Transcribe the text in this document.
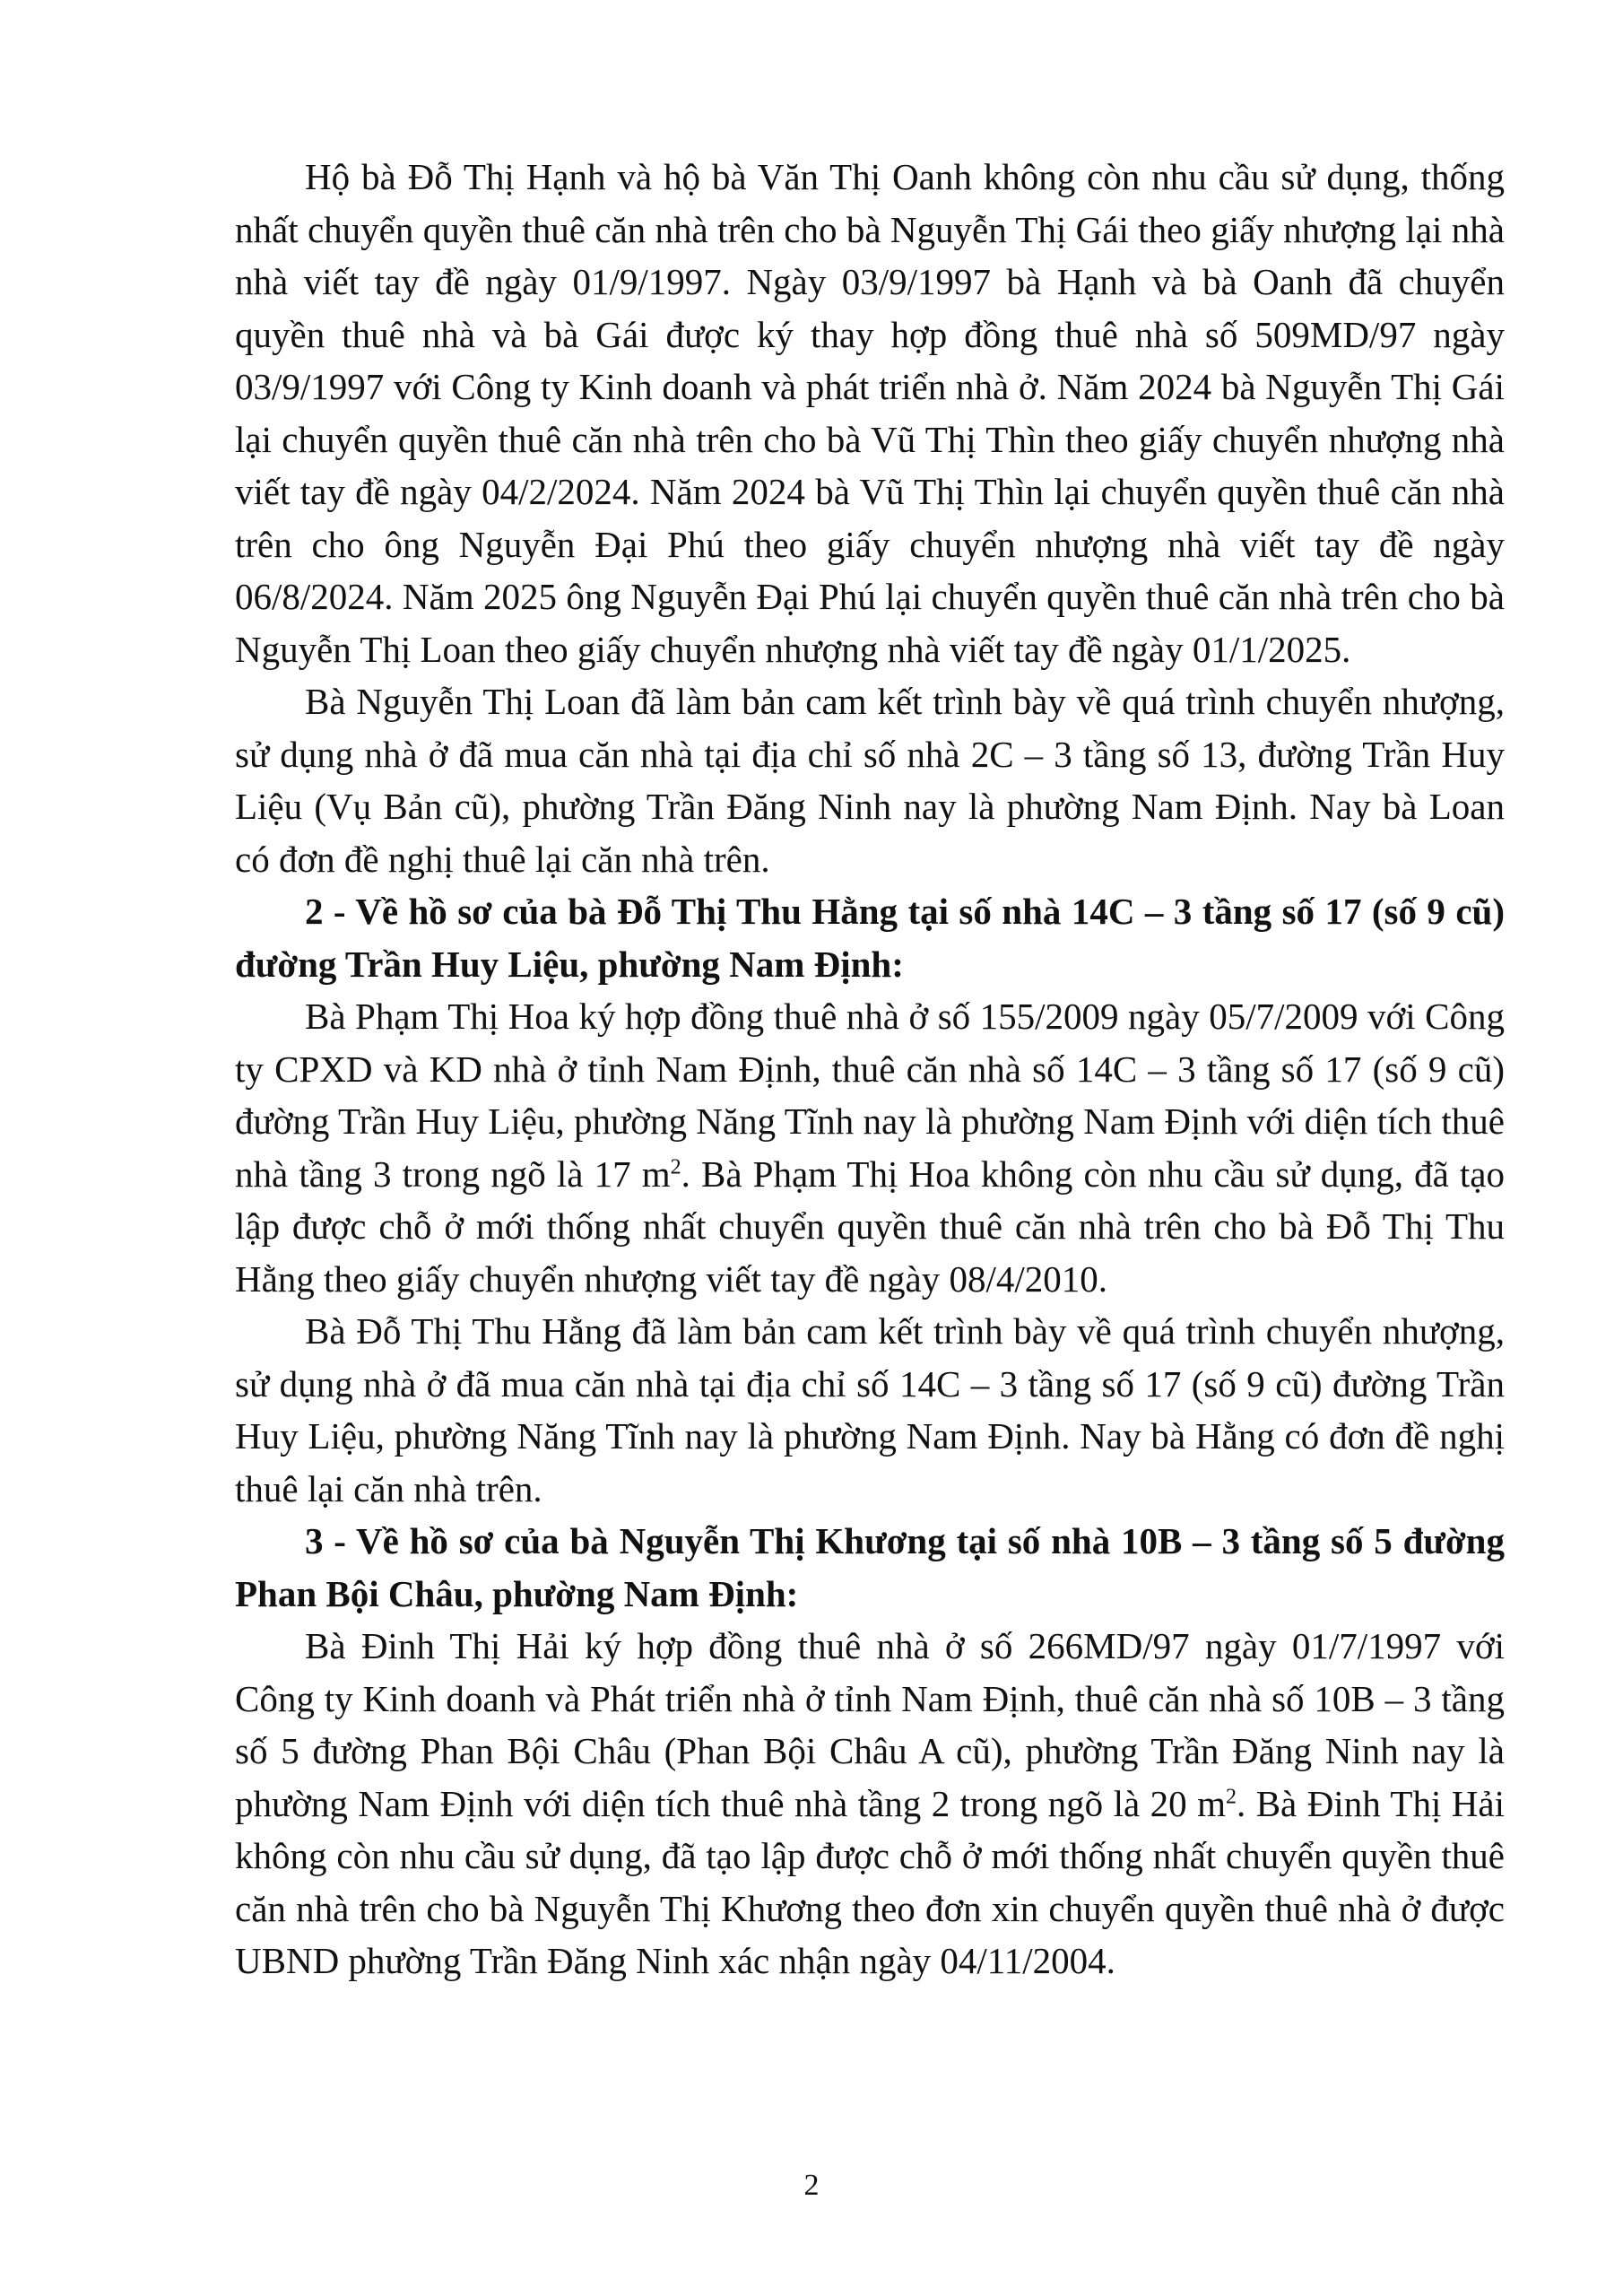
Hộ bà Đỗ Thị Hạnh và hộ bà Văn Thị Oanh không còn nhu cầu sử dụng, thống nhất chuyển quyền thuê căn nhà trên cho bà Nguyễn Thị Gái theo giấy nhượng lại nhà nhà viết tay đề ngày 01/9/1997. Ngày 03/9/1997 bà Hạnh và bà Oanh đã chuyển quyền thuê nhà và bà Gái được ký thay hợp đồng thuê nhà số 509MD/97 ngày 03/9/1997 với Công ty Kinh doanh và phát triển nhà ở. Năm 2024 bà Nguyễn Thị Gái lại chuyển quyền thuê căn nhà trên cho bà Vũ Thị Thìn theo giấy chuyển nhượng nhà viết tay đề ngày 04/2/2024. Năm 2024 bà Vũ Thị Thìn lại chuyển quyền thuê căn nhà trên cho ông Nguyễn Đại Phú theo giấy chuyển nhượng nhà viết tay đề ngày 06/8/2024. Năm 2025 ông Nguyễn Đại Phú lại chuyển quyền thuê căn nhà trên cho bà Nguyễn Thị Loan theo giấy chuyển nhượng nhà viết tay đề ngày 01/1/2025.

Bà Nguyễn Thị Loan đã làm bản cam kết trình bày về quá trình chuyển nhượng, sử dụng nhà ở đã mua căn nhà tại địa chỉ số nhà 2C – 3 tầng số 13, đường Trần Huy Liệu (Vụ Bản cũ), phường Trần Đăng Ninh nay là phường Nam Định. Nay bà Loan có đơn đề nghị thuê lại căn nhà trên.

2 - Về hồ sơ của bà Đỗ Thị Thu Hằng tại số nhà 14C – 3 tầng số 17 (số 9 cũ) đường Trần Huy Liệu, phường Nam Định:

Bà Phạm Thị Hoa ký hợp đồng thuê nhà ở số 155/2009 ngày 05/7/2009 với Công ty CPXD và KD nhà ở tỉnh Nam Định, thuê căn nhà số 14C – 3 tầng số 17 (số 9 cũ) đường Trần Huy Liệu, phường Năng Tĩnh nay là phường Nam Định với diện tích thuê nhà tầng 3 trong ngõ là 17 $m^2$. Bà Phạm Thị Hoa không còn nhu cầu sử dụng, đã tạo lập được chỗ ở mới thống nhất chuyển quyền thuê căn nhà trên cho bà Đỗ Thị Thu Hằng theo giấy chuyển nhượng viết tay đề ngày 08/4/2010.

Bà Đỗ Thị Thu Hằng đã làm bản cam kết trình bày về quá trình chuyển nhượng, sử dụng nhà ở đã mua căn nhà tại địa chỉ số 14C – 3 tầng số 17 (số 9 cũ) đường Trần Huy Liệu, phường Năng Tĩnh nay là phường Nam Định. Nay bà Hằng có đơn đề nghị thuê lại căn nhà trên.

3 - Về hồ sơ của bà Nguyễn Thị Khương tại số nhà 10B – 3 tầng số 5 đường Phan Bội Châu, phường Nam Định:

Bà Đinh Thị Hải ký hợp đồng thuê nhà ở số 266MD/97 ngày 01/7/1997 với Công ty Kinh doanh và Phát triển nhà ở tỉnh Nam Định, thuê căn nhà số 10B – 3 tầng số 5 đường Phan Bội Châu (Phan Bội Châu A cũ), phường Trần Đăng Ninh nay là phường Nam Định với diện tích thuê nhà tầng 2 trong ngõ là 20 $m^2$. Bà Đinh Thị Hải không còn nhu cầu sử dụng, đã tạo lập được chỗ ở mới thống nhất chuyển quyền thuê căn nhà trên cho bà Nguyễn Thị Khương theo đơn xin chuyển quyền thuê nhà ở được UBND phường Trần Đăng Ninh xác nhận ngày 04/11/2004.

2
